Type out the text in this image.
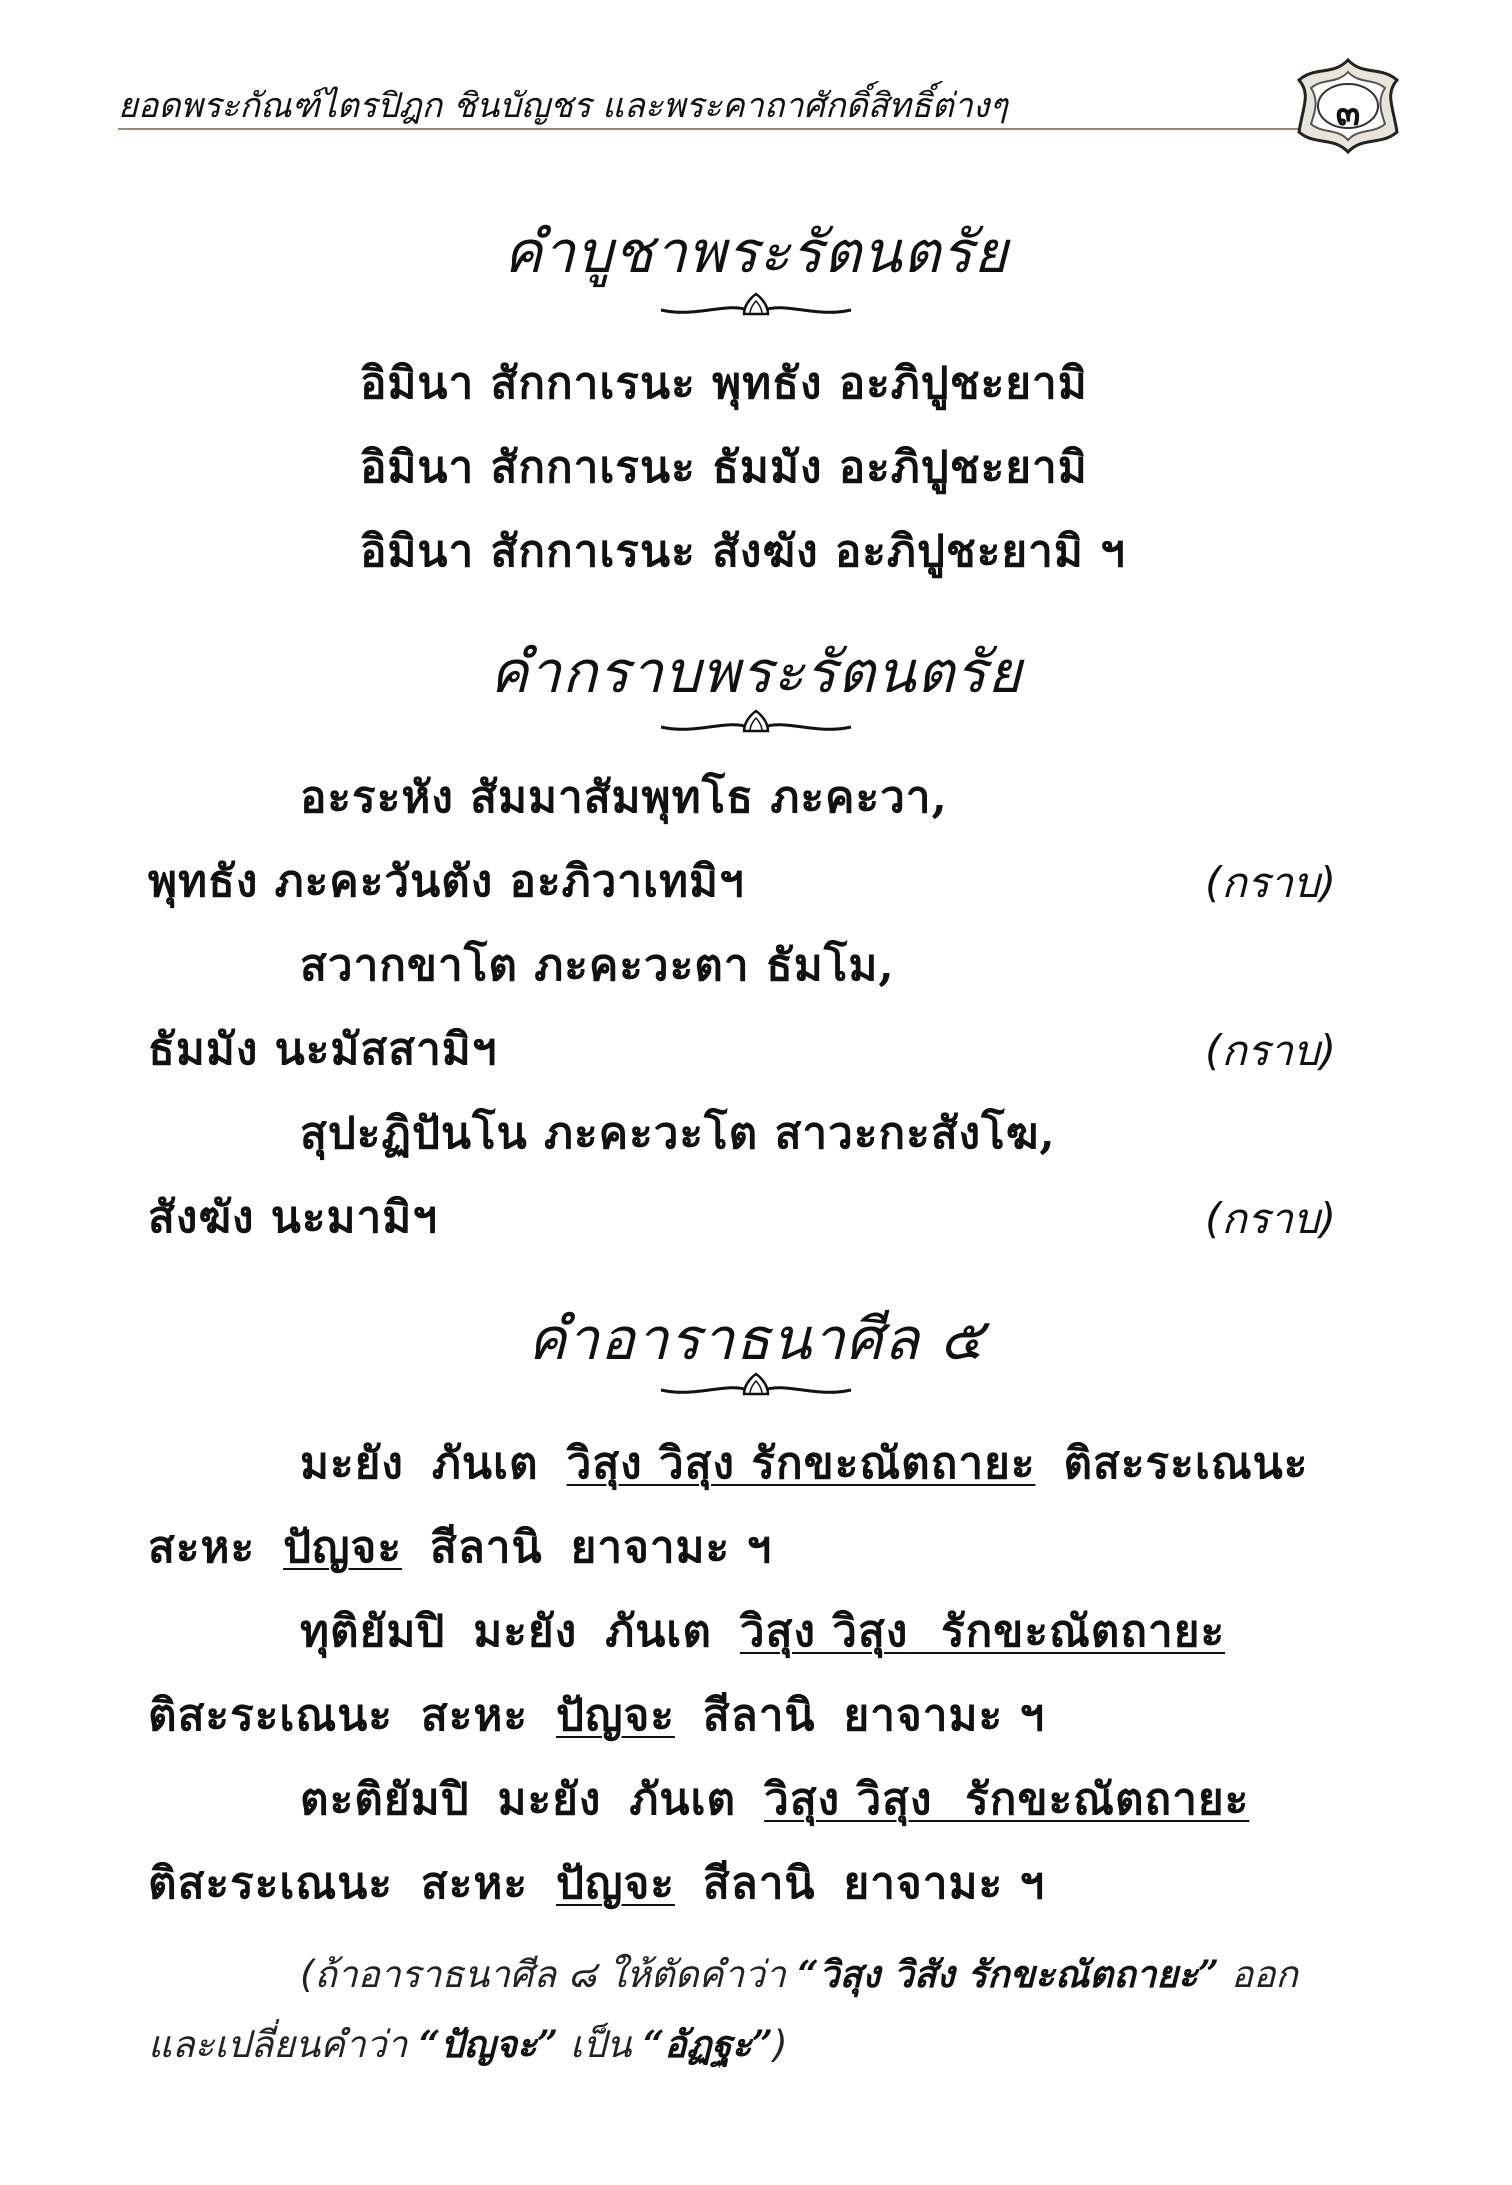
ยอดพระกัณฑ์ไตรปิฎก ชินบัญชร และพระคาถาศักดิ์สิทธิ์ต่างๆ	๓
คำบูชาพระรัตนตรัย
อิมินา สักกาเรนะ พุทธัง อะภิปูชะยามิ
อิมินา สักกาเรนะ ธัมมัง อะภิปูชะยามิ
อิมินา สักกาเรนะ สังฆัง อะภิปูชะยามิ ฯ
คำกราบพระรัตนตรัย
อะระหัง สัมมาสัมพุทโธ ภะคะวา,
พุทธัง ภะคะวันตัง อะภิวาเทมิฯ	(กราบ)
สวากขาโต ภะคะวะตา ธัมโม,
ธัมมัง นะมัสสามิฯ	(กราบ)
สุปะฏิปันโน ภะคะวะโต สาวะกะสังโฆ,
สังฆัง นะมามิฯ	(กราบ)
คำอาราธนาศีล ๕
มะยัง ภันเต วิสุง วิสุง รักขะณัตถายะ ติสะระเณนะ
สะหะ ปัญจะ สีลานิ ยาจามะ ฯ
ทุติยัมปิ มะยัง ภันเต วิสุง วิสุง รักขะณัตถายะ
ติสะระเณนะ สะหะ ปัญจะ สีลานิ ยาจามะ ฯ
ตะติยัมปิ มะยัง ภันเต วิสุง วิสุง รักขะณัตถายะ
ติสะระเณนะ สะหะ ปัญจะ สีลานิ ยาจามะ ฯ
(ถ้าอาราธนาศีล ๘ ให้ตัดคำว่า “วิสุง วิสัง รักขะณัตถายะ” ออก
และเปลี่ยนคำว่า “ปัญจะ” เป็น “อัฏฐะ”)
